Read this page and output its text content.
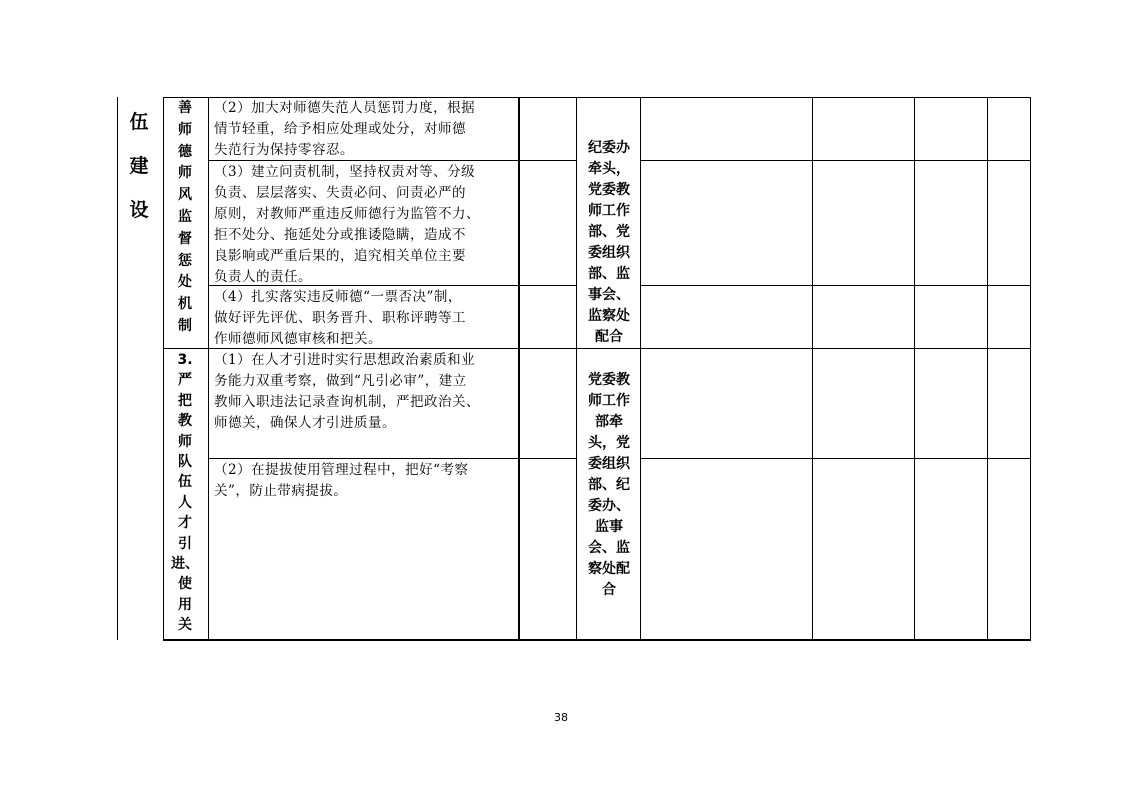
伍
建
设
善
师
德
师
风
监
督
惩
处
机
制
（2）加大对师德失范人员惩罚力度，根据
情节轻重，给予相应处理或处分，对师德
失范行为保持零容忍。
（3）建立问责机制，坚持权责对等、分级
负责、层层落实、失责必问、问责必严的
原则，对教师严重违反师德行为监管不力、
拒不处分、拖延处分或推诿隐瞒，造成不
良影响或严重后果的，追究相关单位主要
负责人的责任。
（4）扎实落实违反师德“一票否决”制，
做好评先评优、职务晋升、职称评聘等工
作师德师风德审核和把关。
纪委办
牵头，
党委教
师工作
部、党
委组织
部、监
事会、
监察处
配合
3.
严
把
教
师
队
伍
人
才
引
进、
使
用
关
（1）在人才引进时实行思想政治素质和业
务能力双重考察，做到“凡引必审”，建立
教师入职违法记录查询机制，严把政治关、
师德关，确保人才引进质量。
（2）在提拔使用管理过程中，把好“考察
关”，防止带病提拔。
党委教
师工作
部牵
头，党
委组织
部、纪
委办、
监事
会、监
察处配
合
38
